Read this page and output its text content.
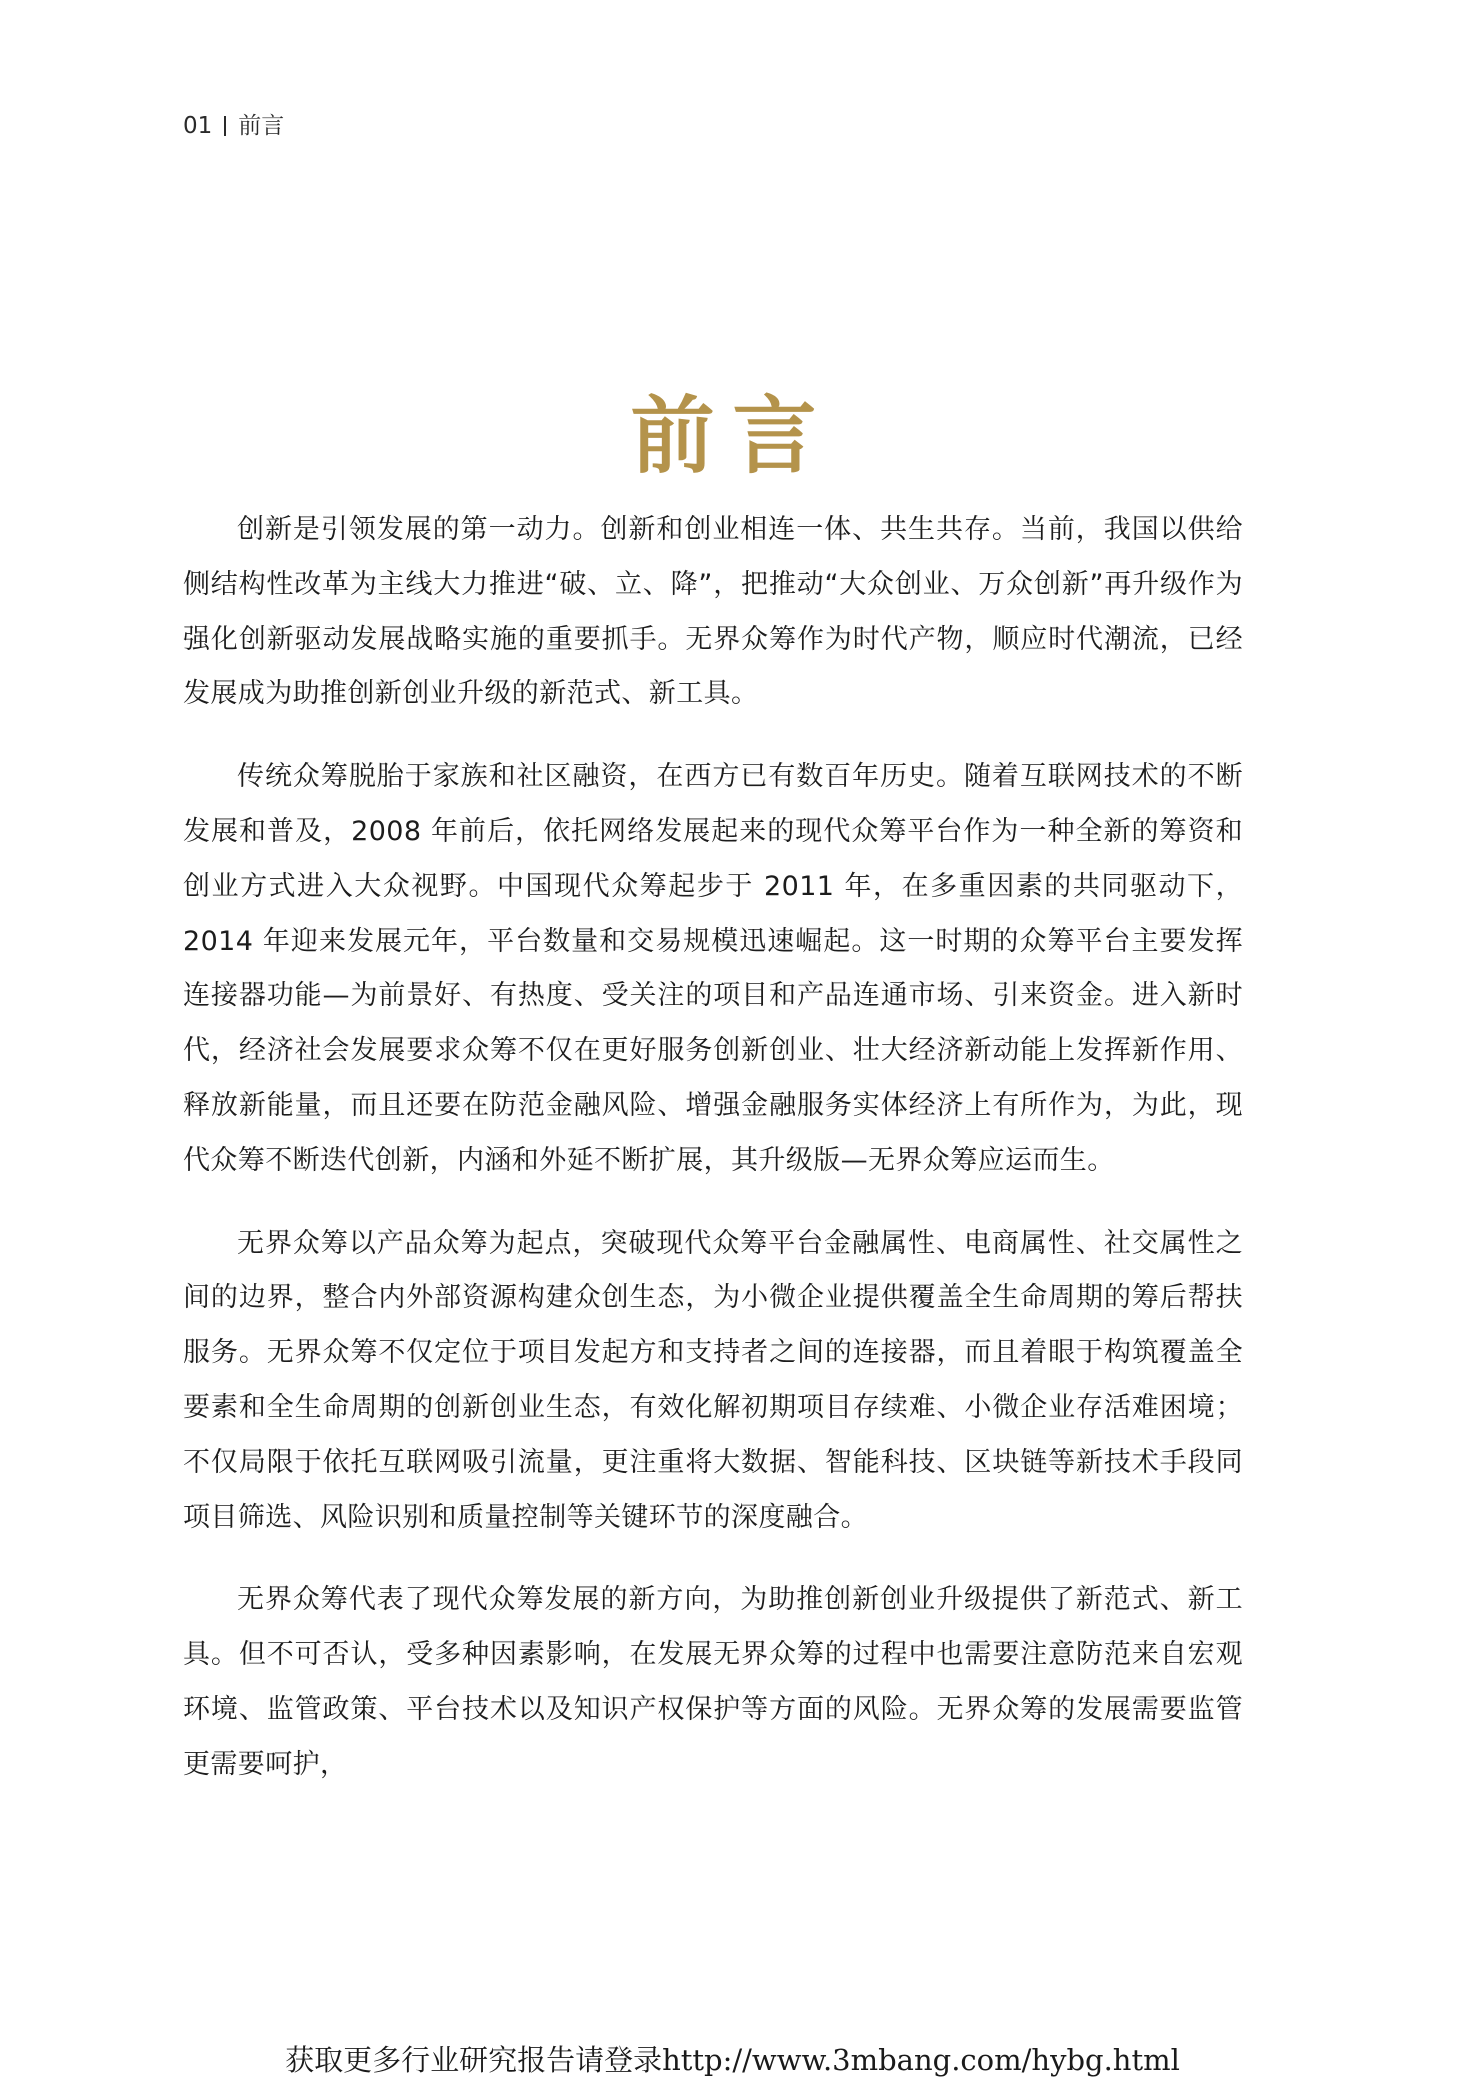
01 前言
前言

创新是引领发展的第一动力。创新和创业相连一体、共生共存。当前，我国以供给侧结构性改革为主线大力推进“破、立、降”，把推动“大众创业、万众创新”再升级作为强化创新驱动发展战略实施的重要抓手。无界众筹作为时代产物，顺应时代潮流，已经发展成为助推创新创业升级的新范式、新工具。

传统众筹脱胎于家族和社区融资，在西方已有数百年历史。随着互联网技术的不断发展和普及，2008 年前后，依托网络发展起来的现代众筹平台作为一种全新的筹资和创业方式进入大众视野。中国现代众筹起步于 2011 年，在多重因素的共同驱动下，2014 年迎来发展元年，平台数量和交易规模迅速崛起。这一时期的众筹平台主要发挥连接器功能—为前景好、有热度、受关注的项目和产品连通市场、引来资金。进入新时代，经济社会发展要求众筹不仅在更好服务创新创业、壮大经济新动能上发挥新作用、释放新能量，而且还要在防范金融风险、增强金融服务实体经济上有所作为，为此，现代众筹不断迭代创新，内涵和外延不断扩展，其升级版—无界众筹应运而生。

无界众筹以产品众筹为起点，突破现代众筹平台金融属性、电商属性、社交属性之间的边界，整合内外部资源构建众创生态，为小微企业提供覆盖全生命周期的筹后帮扶服务。无界众筹不仅定位于项目发起方和支持者之间的连接器，而且着眼于构筑覆盖全要素和全生命周期的创新创业生态，有效化解初期项目存续难、小微企业存活难困境；不仅局限于依托互联网吸引流量，更注重将大数据、智能科技、区块链等新技术手段同项目筛选、风险识别和质量控制等关键环节的深度融合。

无界众筹代表了现代众筹发展的新方向，为助推创新创业升级提供了新范式、新工具。但不可否认，受多种因素影响，在发展无界众筹的过程中也需要注意防范来自宏观环境、监管政策、平台技术以及知识产权保护等方面的风险。无界众筹的发展需要监管更需要呵护，

获取更多行业研究报告请登录http://www.3mbang.com/hybg.html
